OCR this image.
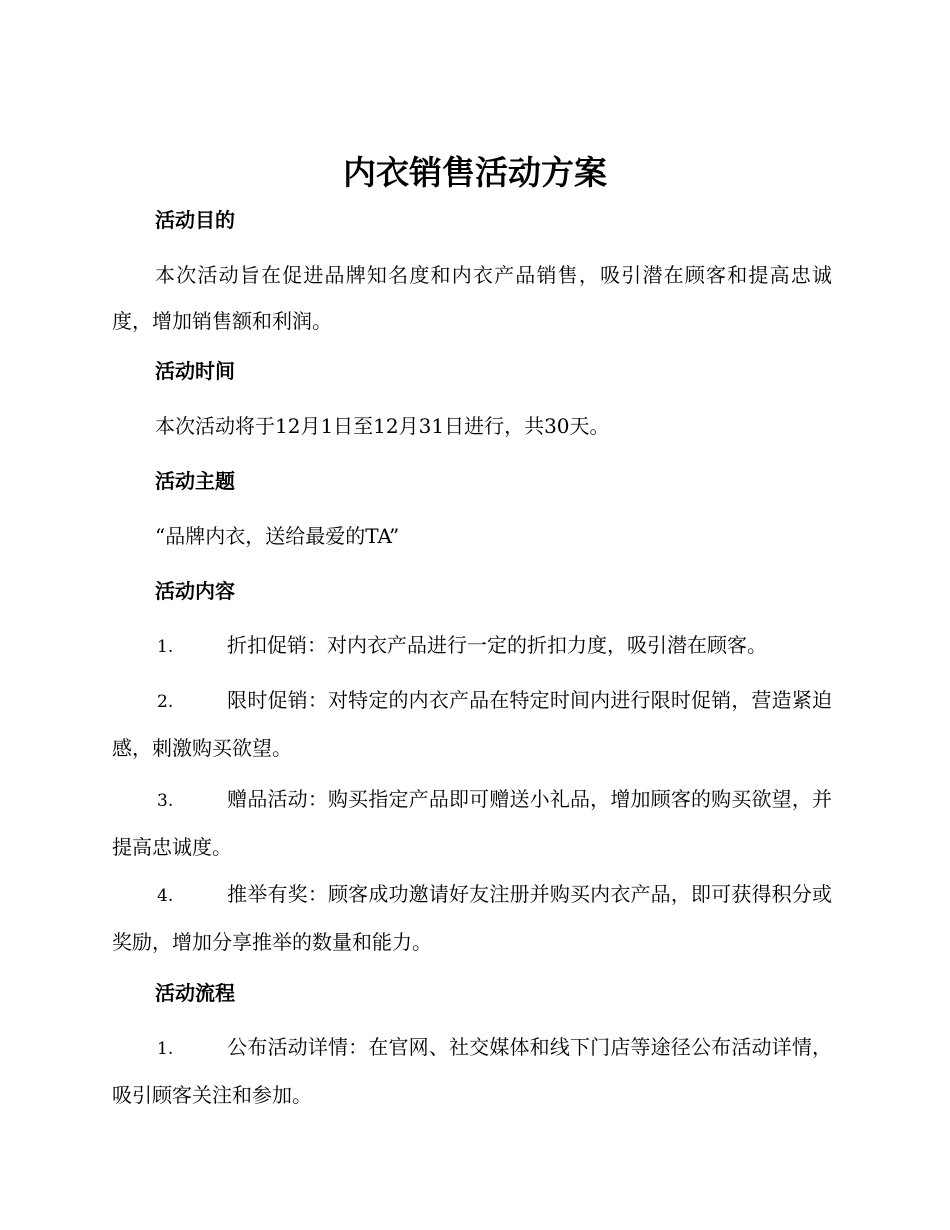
内衣销售活动方案
活动目的

本次活动旨在促进品牌知名度和内衣产品销售，吸引潜在顾客和提高忠诚度，增加销售额和利润。

活动时间

本次活动将于12月1日至12月31日进行，共30天。

活动主题

“品牌内衣，送给最爱的TA”

活动内容

1.	折扣促销：对内衣产品进行一定的折扣力度，吸引潜在顾客。

2.	限时促销：对特定的内衣产品在特定时间内进行限时促销，营造紧迫感，刺激购买欲望。

3.	赠品活动：购买指定产品即可赠送小礼品，增加顾客的购买欲望，并提高忠诚度。

4.	推举有奖：顾客成功邀请好友注册并购买内衣产品，即可获得积分或奖励，增加分享推举的数量和能力。

活动流程

1.	公布活动详情：在官网、社交媒体和线下门店等途径公布活动详情，吸引顾客关注和参加。
